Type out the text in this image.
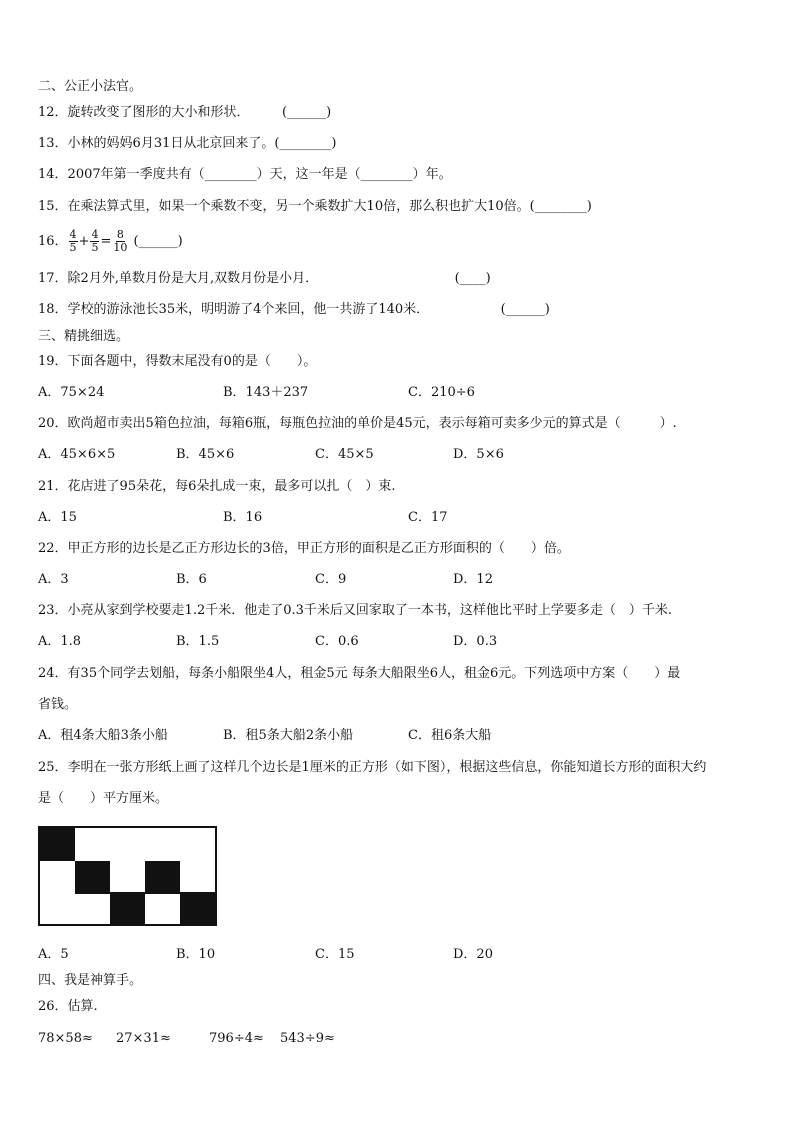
二、公正小法官。
12．旋转改变了图形的大小和形状．　　　(______)
13．小林的妈妈6月31日从北京回来了。(________)
14．2007年第一季度共有（________）天，这一年是（________）年。
15．在乘法算式里，如果一个乘数不变，另一个乘数扩大10倍，那么积也扩大10倍。(________)
16． $\frac{4}{5} + \frac{4}{5} = \frac{8}{10}$ (______)
17．除2月外,单数月份是大月,双数月份是小月．　　　　　　　　　　　(____)
18．学校的游泳池长35米，明明游了4个来回，他一共游了140米．　　　　　　(______)
三、精挑细选。
19．下面各题中，得数末尾没有0的是（　　）。
A．75×24	B．143＋237	C．210÷6
20．欧尚超市卖出5箱色拉油，每箱6瓶，每瓶色拉油的单价是45元，表示每箱可卖多少元的算式是（　　　）.
A．45×6×5	B．45×6	C．45×5	D．5×6
21．花店进了95朵花，每6朵扎成一束，最多可以扎（　）束.
A．15	B．16	C．17
22．甲正方形的边长是乙正方形边长的3倍，甲正方形的面积是乙正方形面积的（　　）倍。
A．3	B．6	C．9	D．12
23．小亮从家到学校要走1.2千米．他走了0.3千米后又回家取了一本书，这样他比平时上学要多走（　）千米.
A．1.8	B．1.5	C．0.6	D．0.3
24．有35个同学去划船，每条小船限坐4人，租金5元 每条大船限坐6人，租金6元。下列选项中方案（　　）最
省钱。
A．租4条大船3条小船	B．租5条大船2条小船	C．租6条大船
25．李明在一张方形纸上画了这样几个边长是1厘米的正方形（如下图），根据这些信息，你能知道长方形的面积大约
是（　　）平方厘米。
A．5	B．10	C．15	D．20
四、我是神算手。
26．估算.
78×58≈ 27×31≈	796÷4≈ 543÷9≈
